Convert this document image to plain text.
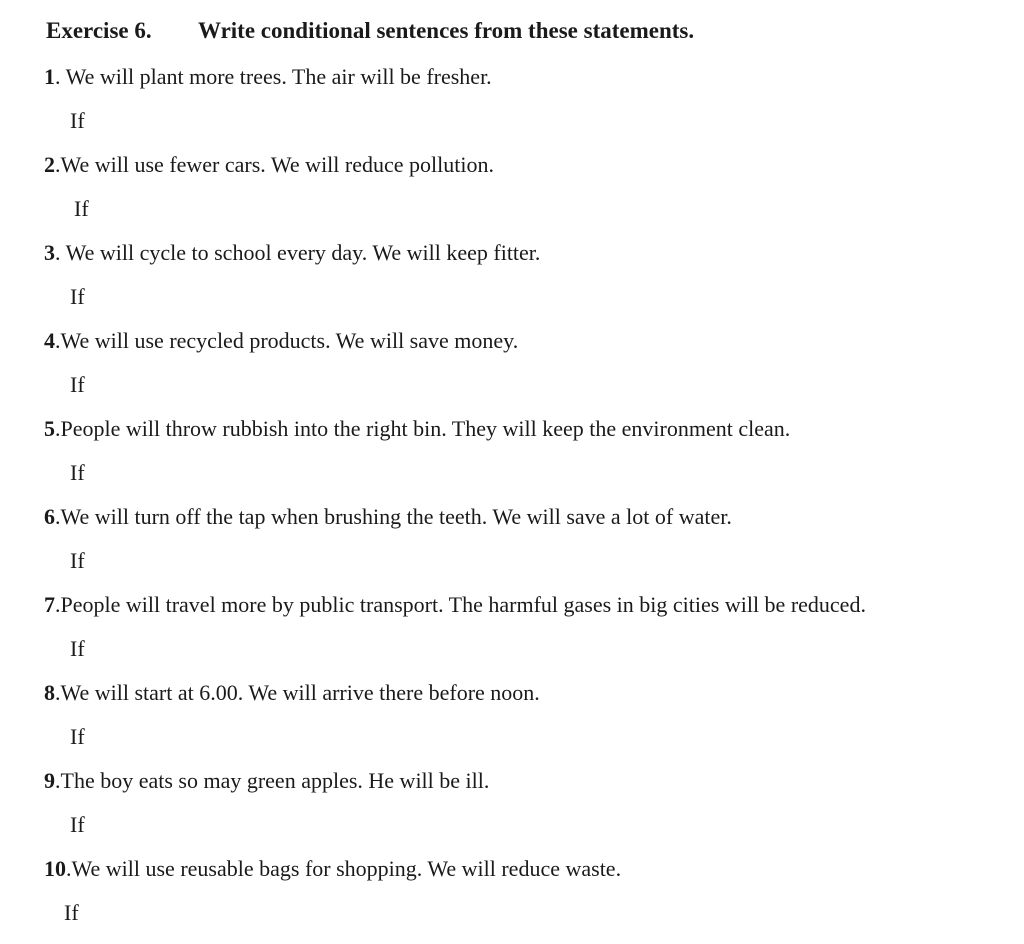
Exercise 6. Write conditional sentences from these statements.
1. We will plant more trees. The air will be fresher.
If
2.We will use fewer cars. We will reduce pollution.
If
3. We will cycle to school every day. We will keep fitter.
If
4.We will use recycled products. We will save money.
If
5.People will throw rubbish into the right bin. They will keep the environment clean.
If
6.We will turn off the tap when brushing the teeth. We will save a lot of water.
If
7.People will travel more by public transport. The harmful gases in big cities will be reduced.
If
8.We will start at 6.00. We will arrive there before noon.
If
9.The boy eats so may green apples. He will be ill.
If
10.We will use reusable bags for shopping. We will reduce waste.
If
